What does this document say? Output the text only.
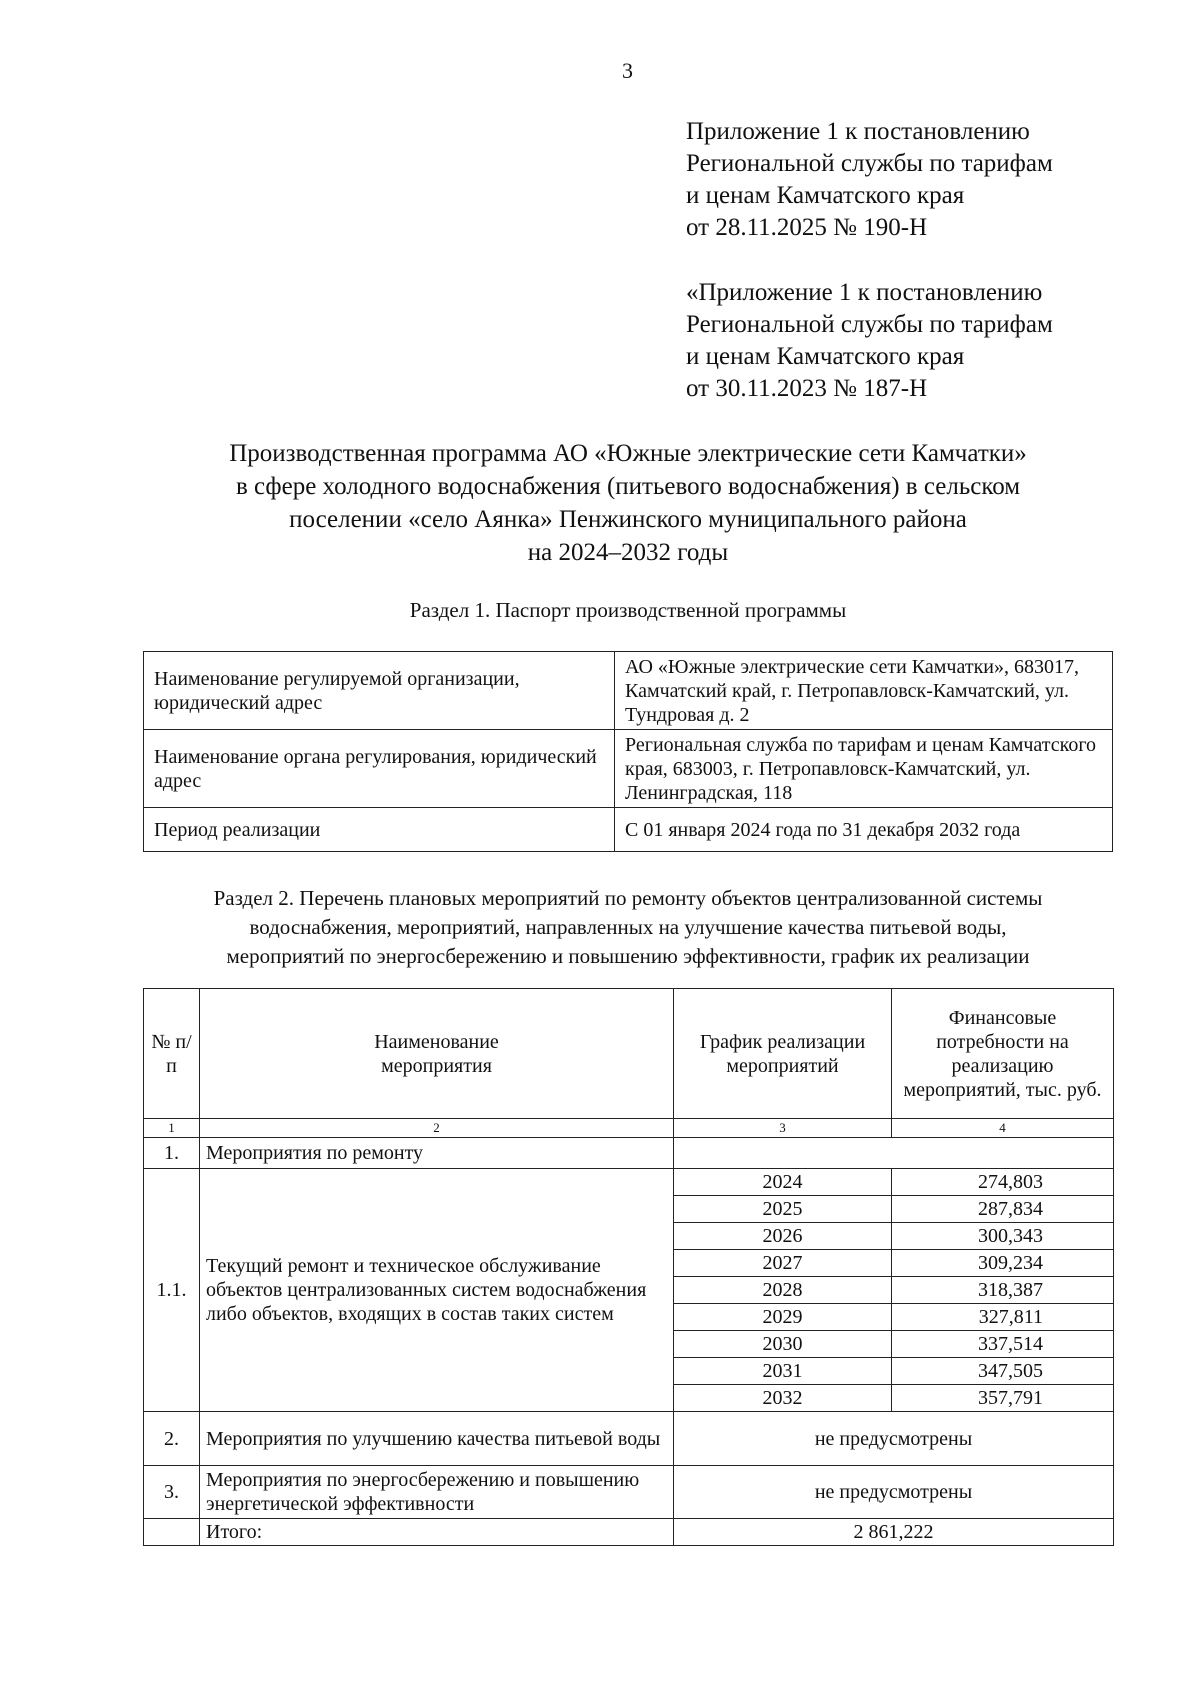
3
Приложение 1 к постановлению
Региональной службы по тарифам
и ценам Камчатского края
от 28.11.2025 № 190-Н
«Приложение 1 к постановлению
Региональной службы по тарифам
и ценам Камчатского края
от 30.11.2023 № 187-Н
Производственная программа АО «Южные электрические сети Камчатки»
в сфере холодного водоснабжения (питьевого водоснабжения) в сельском
поселении «село Аянка» Пенжинского муниципального района
на 2024–2032 годы
Раздел 1. Паспорт производственной программы
Наименование регулируемой организации, юридический адрес	АО «Южные электрические сети Камчатки», 683017, Камчатский край, г. Петропавловск-Камчатский, ул. Тундровая д. 2
Наименование органа регулирования, юридический адрес	Региональная служба по тарифам и ценам Камчатского края, 683003, г. Петропавловск-Камчатский, ул. Ленинградская, 118
Период реализации	С 01 января 2024 года по 31 декабря 2032 года
Раздел 2. Перечень плановых мероприятий по ремонту объектов централизованной системы
водоснабжения, мероприятий, направленных на улучшение качества питьевой воды,
мероприятий по энергосбережению и повышению эффективности, график их реализации
№ п/п	Наименование мероприятия	График реализации мероприятий	Финансовые потребности на реализацию мероприятий, тыс. руб.
1	2	3	4
1.	Мероприятия по ремонту		
1.1.	Текущий ремонт и техническое обслуживание объектов централизованных систем водоснабжения либо объектов, входящих в состав таких систем	2024	274,803
		2025	287,834
		2026	300,343
		2027	309,234
		2028	318,387
		2029	327,811
		2030	337,514
		2031	347,505
		2032	357,791
2.	Мероприятия по улучшению качества питьевой воды	не предусмотрены	
3.	Мероприятия по энергосбережению и повышению энергетической эффективности	не предусмотрены	
	Итого:	2 861,222	
